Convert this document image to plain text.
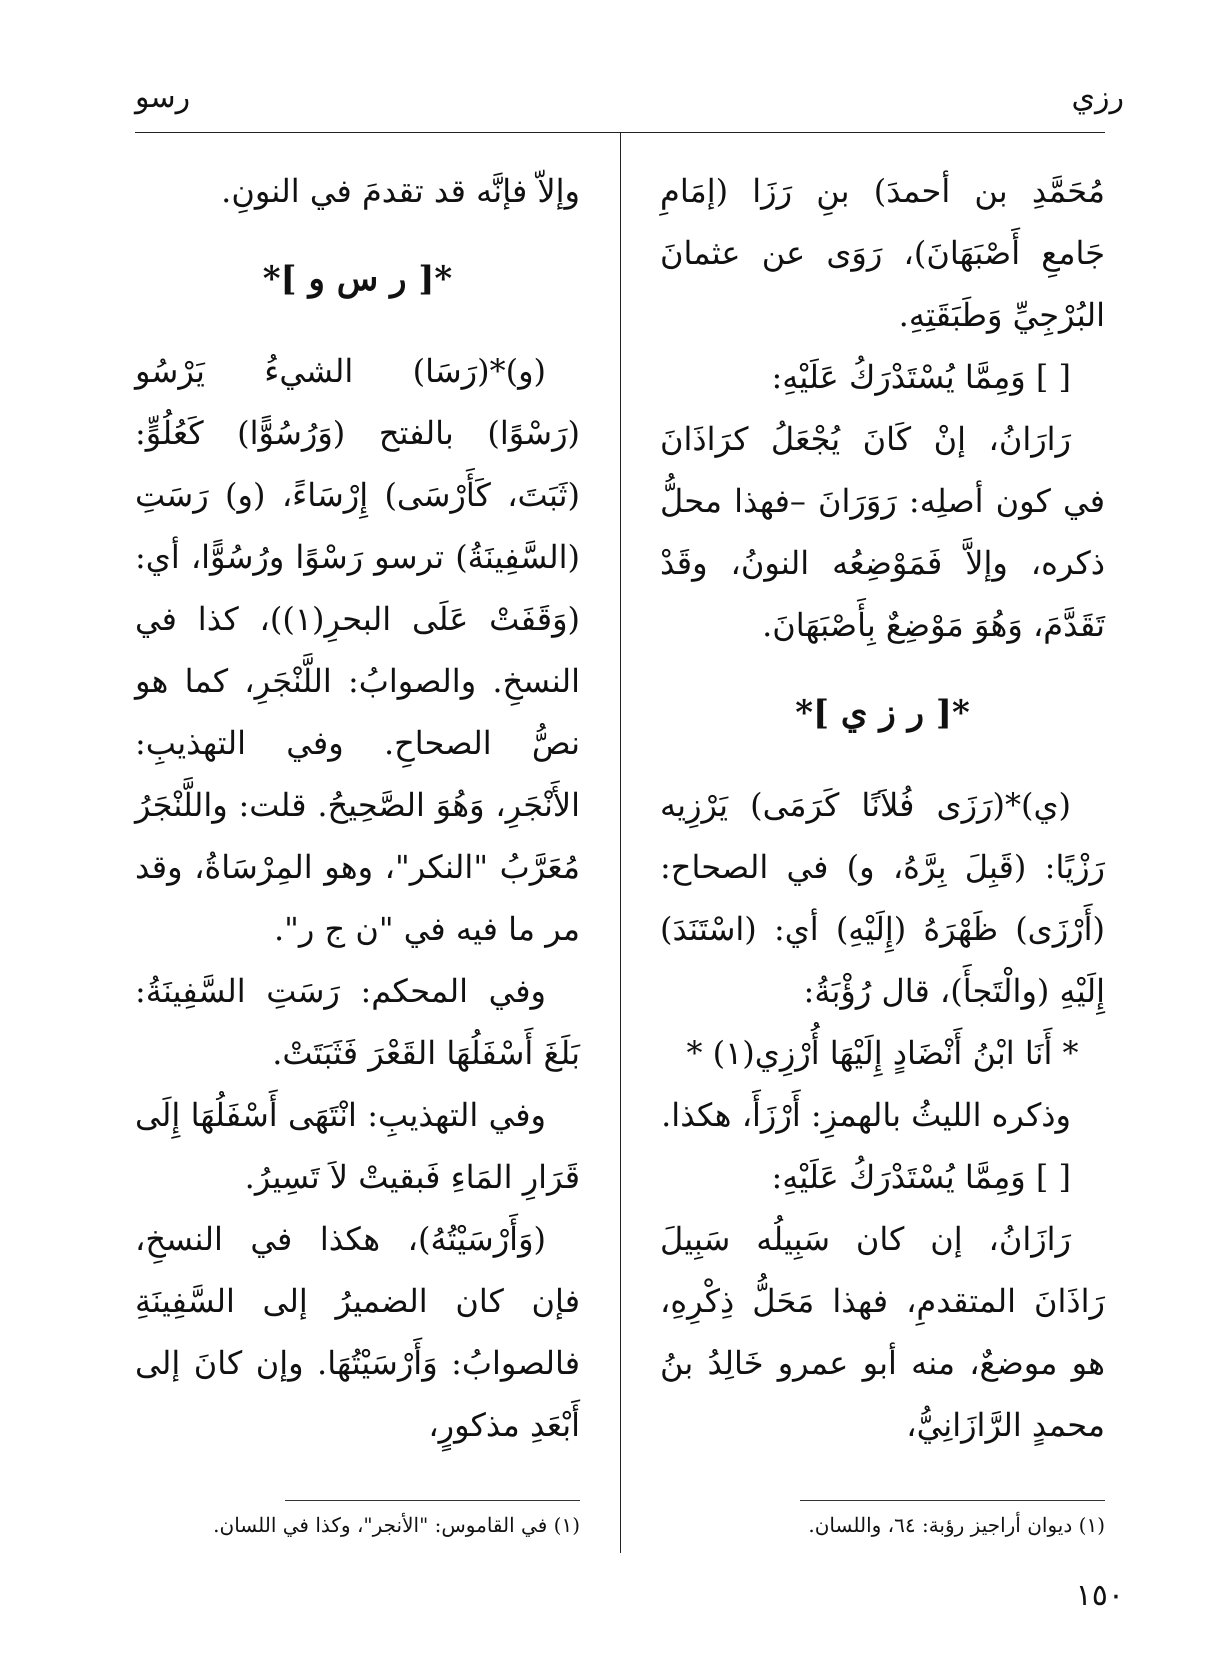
رزي
رسو

مُحَمَّدِ بن أحمدَ) بنِ رَزَا (إمَامِ جَامعِ أَصْبَهَانَ)، رَوَى عن عثمانَ البُرْجِيِّ وَطَبَقَتِهِ.

[ ] وَمِمَّا يُسْتَدْرَكُ عَلَيْهِ:

رَارَانُ، إنْ كَانَ يُجْعَلُ كرَاذَانَ في كون أصلِه: رَوَرَانَ –فهذا محلُّ ذكره، وإلاَّ فَمَوْضِعُه النونُ، وقَدْ تَقَدَّمَ، وَهُوَ مَوْضِعٌ بِأَصْبَهَانَ.

*[ ر ز ي ]*

(ي)*(رَزَى فُلاَنًا كَرَمَى) يَرْزِيه رَزْيًا: (قَبِلَ بِرَّهُ، و) في الصحاح: (أَرْزَى) ظَهْرَهُ (إِلَيْهِ) أي: (اسْتَنَدَ) إِلَيْهِ (والْتَجأَ)، قال رُؤْبَةُ:

* أَنَا ابْنُ أَنْضَادٍ إِلَيْهَا أُرْزِي(١) *

وذكره الليثُ بالهمزِ: أَرْزَأَ، هكذا.

[ ] وَمِمَّا يُسْتَدْرَكُ عَلَيْهِ:

رَازَانُ، إن كان سَبِيلُه سَبِيلَ رَاذَانَ المتقدمِ، فهذا مَحَلُّ ذِكْرِهِ، هو موضعٌ، منه أبو عمرو خَالِدُ بنُ محمدٍ الرَّازَانِيُّ،

وإلاّ فإنَّه قد تقدمَ في النونِ.

*[ ر س و ]*

(و)*(رَسَا) الشيءُ يَرْسُو (رَسْوًا) بالفتح (وَرُسُوًّا) كَعُلُوٍّ: (ثَبَتَ، كَأَرْسَى) إِرْسَاءً، (و) رَسَتِ (السَّفِينَةُ) ترسو رَسْوًا ورُسُوًّا، أي: (وَقَفَتْ عَلَى البحرِ(١))، كذا في النسخِ. والصوابُ: اللَّنْجَرِ، كما هو نصُّ الصحاحِ. وفي التهذيبِ: الأَنْجَرِ، وَهُوَ الصَّحِيحُ. قلت: واللَّنْجَرُ مُعَرَّبُ "النكر"، وهو المِرْسَاةُ، وقد مر ما فيه في "ن ج ر".

وفي المحكم: رَسَتِ السَّفِينَةُ: بَلَغَ أَسْفَلُهَا القَعْرَ فَثَبَتَتْ.

وفي التهذيبِ: انْتَهَى أَسْفَلُهَا إِلَى قَرَارِ المَاءِ فَبقيتْ لاَ تَسِيرُ.

(وَأَرْسَيْتُهُ)، هكذا في النسخِ، فإن كان الضميرُ إلى السَّفِينَةِ فالصوابُ: وَأَرْسَيْتُهَا. وإن كانَ إلى أَبْعَدِ مذكورٍ،

(١) ديوان أراجيز رؤبة: ٦٤، واللسان.
(١) في القاموس: "الأنجر"، وكذا في اللسان.
١٥٠
